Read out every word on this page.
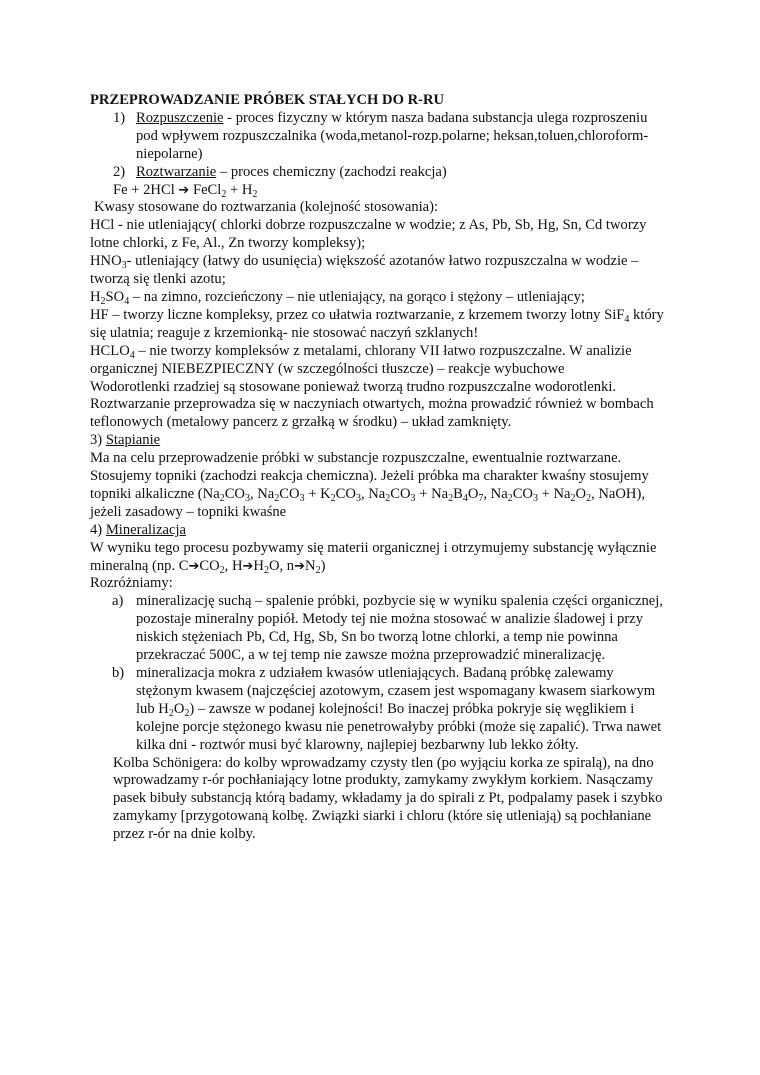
PRZEPROWADZANIE PRÓBEK STAŁYCH DO R-RU

1) Rozpuszczenie - proces fizyczny w którym nasza badana substancja ulega rozproszeniu pod wpływem rozpuszczalnika (woda,metanol-rozp.polarne; heksan,toluen,chloroform-niepolarne)
2) Roztwarzanie – proces chemiczny (zachodzi reakcja)

Fe + 2HCl ➔ FeCl$_2$ + $H_2$

Kwasy stosowane do roztwarzania (kolejność stosowania):

HCl - nie utleniający( chlorki dobrze rozpuszczalne w wodzie; z As, Pb, Sb, Hg, Sn, Cd tworzy lotne chlorki, z Fe, Al., Zn tworzy kompleksy);

$HNO_3-$ utleniający (łatwy do usunięcia) większość azotanów łatwo rozpuszczalna w wodzie – tworzą się tlenki azotu;

$H_2SO_4$ – na zimno, rozcieńczony – nie utleniający, na gorąco i stężony – utleniający;

HF – tworzy liczne kompleksy, przez co ułatwia roztwarzanie, z krzemem tworzy lotny SiF$_4$ który się ulatnia; reaguje z krzemionką- nie stosować naczyń szklanych!

$HCLO_4$ – nie tworzy kompleksów z metalami, chlorany VII łatwo rozpuszczalne. W analizie organicznej NIEBEZPIECZNY (w szczególności tłuszcze) – reakcje wybuchowe

Wodorotlenki rzadziej są stosowane ponieważ tworzą trudno rozpuszczalne wodorotlenki.

Roztwarzanie przeprowadza się w naczyniach otwartych, można prowadzić również w bombach teflonowych (metalowy pancerz z grzałką w środku) – układ zamknięty.

3) Stapianie

Ma na celu przeprowadzenie próbki w substancje rozpuszczalne, ewentualnie roztwarzane. Stosujemy topniki (zachodzi reakcja chemiczna). Jeżeli próbka ma charakter kwaśny stosujemy topniki alkaliczne ($Na_2CO_3$, $Na_2CO_3 + K_2CO_3$, $Na_2CO_3 + Na_2B_4O_7$, $Na_2CO_3 + Na_2O_2$, NaOH), jeżeli zasadowy – topniki kwaśne

4) Mineralizacja

W wyniku tego procesu pozbywamy się materii organicznej i otrzymujemy substancję wyłącznie mineralną (np. $C➔CO_2$, $H➔H_2O$, $n➔N_2$)

Rozróżniamy:

a) mineralizację suchą – spalenie próbki, pozbycie się w wyniku spalenia części organicznej, pozostaje mineralny popiół. Metody tej nie można stosować w analizie śladowej i przy niskich stężeniach Pb, Cd, Hg, Sb, Sn bo tworzą lotne chlorki, a temp nie powinna przekraczać 500C, a w tej temp nie zawsze można przeprowadzić mineralizację.
b) mineralizacja mokra z udziałem kwasów utleniających. Badaną próbkę zalewamy stężonym kwasem (najczęściej azotowym, czasem jest wspomagany kwasem siarkowym lub $H_2O_2$) – zawsze w podanej kolejności! Bo inaczej próbka pokryje się węglikiem i kolejne porcje stężonego kwasu nie penetrowałyby próbki (może się zapalić). Trwa nawet kilka dni - roztwór musi być klarowny, najlepiej bezbarwny lub lekko żółty.

Kolba Schönigera: do kolby wprowadzamy czysty tlen (po wyjąciu korka ze spiralą), na dno wprowadzamy r-ór pochłaniający lotne produkty, zamykamy zwykłym korkiem. Nasączamy pasek bibuły substancją którą badamy, wkładamy ja do spirali z Pt, podpalamy pasek i szybko zamykamy [przygotowaną kolbę. Związki siarki i chloru (które się utleniają) są pochłaniane przez r-ór na dnie kolby.
